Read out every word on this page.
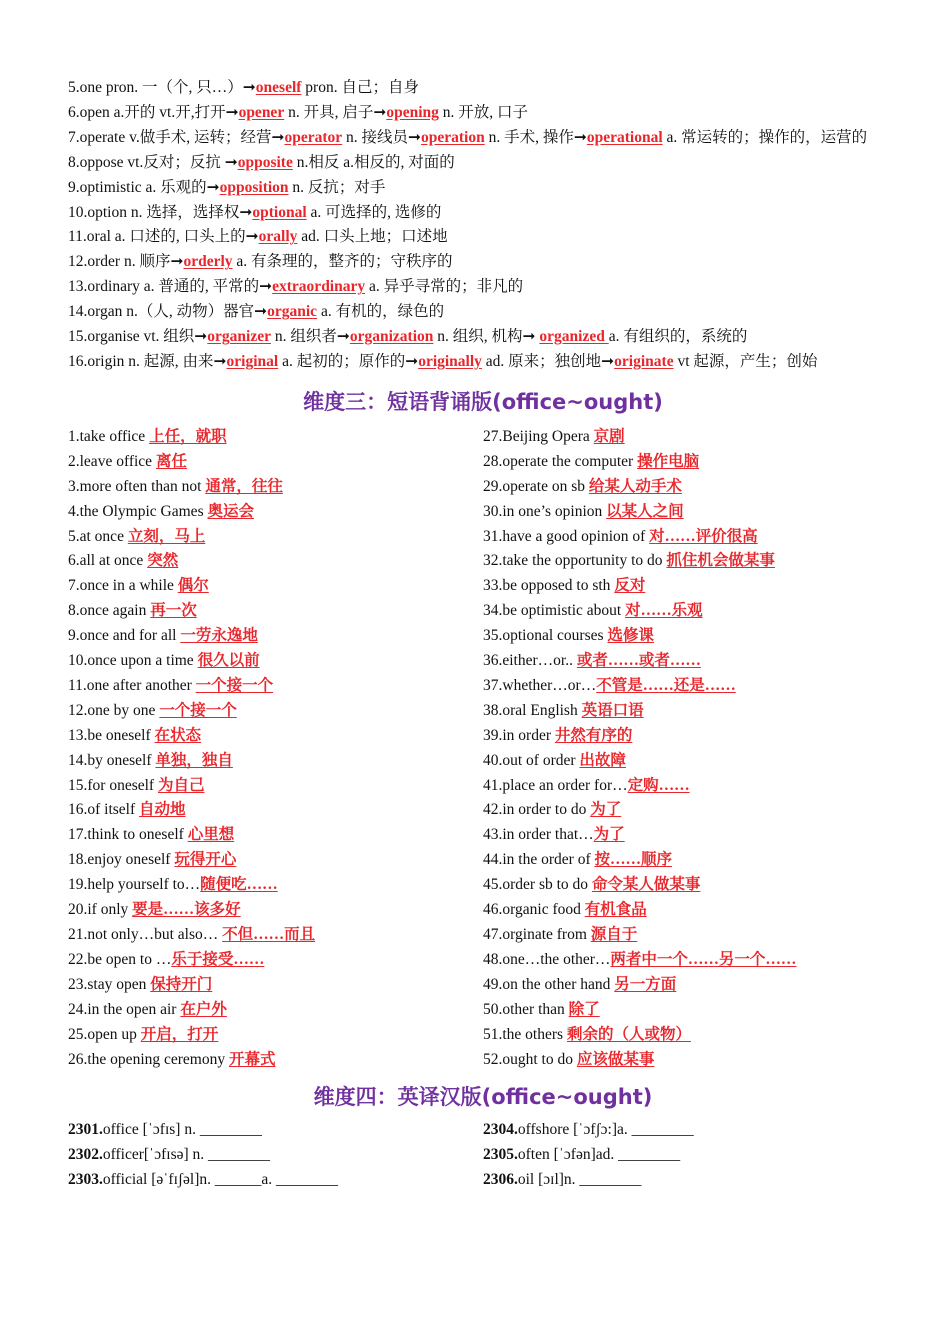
5.one pron. 一（个, 只…）➞oneself pron. 自己；自身
6.open a.开的 vt.开,打开➞opener n. 开具, 启子➞opening n. 开放, 口子
7.operate v.做手术, 运转；经营➞operator n. 接线员➞operation n. 手术, 操作➞operational a. 常运转的；操作的，运营的
8.oppose vt.反对；反抗 ➞opposite n.相反 a.相反的, 对面的
9.optimistic a. 乐观的➞opposition n. 反抗；对手
10.option n. 选择，选择权➞optional a. 可选择的, 选修的
11.oral a. 口述的, 口头上的➞orally ad. 口头上地；口述地
12.order n. 顺序➞orderly a. 有条理的，整齐的；守秩序的
13.ordinary a. 普通的, 平常的➞extraordinary a. 异乎寻常的；非凡的
14.organ n.（人, 动物）器官➞organic a. 有机的，绿色的
15.organise vt. 组织➞organizer n. 组织者➞organization n. 组织, 机构➞ organized a. 有组织的，系统的
16.origin n. 起源, 由来➞original a. 起初的；原作的➞originally ad. 原来；独创地➞originate vt 起源，产生；创始
维度三：短语背诵版(office~ought)
1.take office 上任，就职
2.leave office 离任
3.more often than not 通常，往往
4.the Olympic Games 奥运会
5.at once 立刻，马上
6.all at once 突然
7.once in a while 偶尔
8.once again 再一次
9.once and for all 一劳永逸地
10.once upon a time 很久以前
11.one after another 一个接一个
12.one by one 一个接一个
13.be oneself 在状态
14.by oneself 单独，独自
15.for oneself 为自己
16.of itself 自动地
17.think to oneself 心里想
18.enjoy oneself 玩得开心
19.help yourself to…随便吃……
20.if only 要是……该多好
21.not only…but also… 不但……而且
22.be open to …乐于接受……
23.stay open 保持开门
24.in the open air 在户外
25.open up 开启，打开
26.the opening ceremony 开幕式
27.Beijing Opera 京剧
28.operate the computer 操作电脑
29.operate on sb 给某人动手术
30.in one’s opinion 以某人之间
31.have a good opinion of 对……评价很高
32.take the opportunity to do 抓住机会做某事
33.be opposed to sth 反对
34.be optimistic about 对……乐观
35.optional courses 选修课
36.either…or.. 或者……或者……
37.whether…or…不管是……还是……
38.oral English 英语口语
39.in order 井然有序的
40.out of order 出故障
41.place an order for…定购……
42.in order to do 为了
43.in order that…为了
44.in the order of 按……顺序
45.order sb to do 命令某人做某事
46.organic food 有机食品
47.orginate from 源自于
48.one…the other…两者中一个……另一个……
49.on the other hand 另一方面
50.other than 除了
51.the others 剩余的（人或物）
52.ought to do 应该做某事
维度四：英译汉版(office~ought)
2301.office [ˈɔfɪs] n. ________
2302.officer[ˈɔfɪsə] n. ________
2303.official [əˈfɪʃəl]n. ______a. ________
2304.offshore [ˈɔfʃɔ:]a. ________
2305.often [ˈɔfən]ad. ________
2306.oil [ɔɪl]n. ________
